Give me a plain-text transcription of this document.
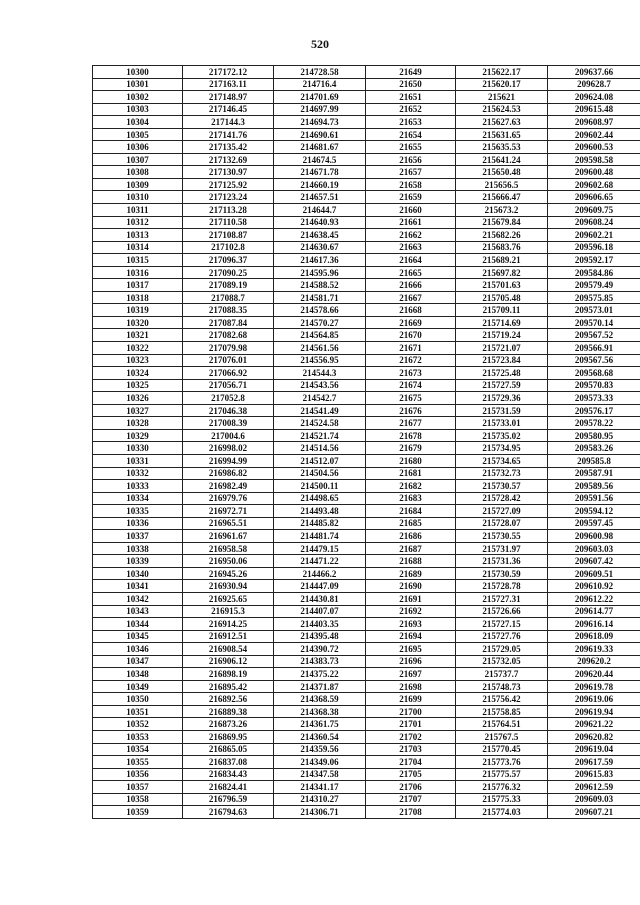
520
10300	217172.12	214728.58	21649	215622.17	209637.66
10301	217163.11	214716.4	21650	215620.17	209628.7
10302	217148.97	214701.69	21651	215621	209624.08
10303	217146.45	214697.99	21652	215624.53	209615.48
10304	217144.3	214694.73	21653	215627.63	209608.97
10305	217141.76	214690.61	21654	215631.65	209602.44
10306	217135.42	214681.67	21655	215635.53	209600.53
10307	217132.69	214674.5	21656	215641.24	209598.58
10308	217130.97	214671.78	21657	215650.48	209600.48
10309	217125.92	214660.19	21658	215656.5	209602.68
10310	217123.24	214657.51	21659	215666.47	209606.65
10311	217113.28	214644.7	21660	215673.2	209609.75
10312	217110.58	214640.93	21661	215679.84	209608.24
10313	217108.87	214638.45	21662	215682.26	209602.21
10314	217102.8	214630.67	21663	215683.76	209596.18
10315	217096.37	214617.36	21664	215689.21	209592.17
10316	217090.25	214595.96	21665	215697.82	209584.86
10317	217089.19	214588.52	21666	215701.63	209579.49
10318	217088.7	214581.71	21667	215705.48	209575.85
10319	217088.35	214578.66	21668	215709.11	209573.01
10320	217087.84	214570.27	21669	215714.69	209570.14
10321	217082.68	214564.85	21670	215719.24	209567.52
10322	217079.98	214561.56	21671	215721.07	209566.91
10323	217076.01	214556.95	21672	215723.84	209567.56
10324	217066.92	214544.3	21673	215725.48	209568.68
10325	217056.71	214543.56	21674	215727.59	209570.83
10326	217052.8	214542.7	21675	215729.36	209573.33
10327	217046.38	214541.49	21676	215731.59	209576.17
10328	217008.39	214524.58	21677	215733.01	209578.22
10329	217004.6	214521.74	21678	215735.02	209580.95
10330	216998.02	214514.56	21679	215734.95	209583.26
10331	216994.99	214512.07	21680	215734.65	209585.8
10332	216986.82	214504.56	21681	215732.73	209587.91
10333	216982.49	214500.11	21682	215730.57	209589.56
10334	216979.76	214498.65	21683	215728.42	209591.56
10335	216972.71	214493.48	21684	215727.09	209594.12
10336	216965.51	214485.82	21685	215728.07	209597.45
10337	216961.67	214481.74	21686	215730.55	209600.98
10338	216958.58	214479.15	21687	215731.97	209603.03
10339	216950.06	214471.22	21688	215731.36	209607.42
10340	216945.26	214466.2	21689	215730.59	209609.51
10341	216930.94	214447.09	21690	215728.78	209610.92
10342	216925.65	214430.81	21691	215727.31	209612.22
10343	216915.3	214407.07	21692	215726.66	209614.77
10344	216914.25	214403.35	21693	215727.15	209616.14
10345	216912.51	214395.48	21694	215727.76	209618.09
10346	216908.54	214390.72	21695	215729.05	209619.33
10347	216906.12	214383.73	21696	215732.05	209620.2
10348	216898.19	214375.22	21697	215737.7	209620.44
10349	216895.42	214371.87	21698	215748.73	209619.78
10350	216892.56	214368.59	21699	215756.42	209619.06
10351	216889.38	214368.38	21700	215758.85	209619.94
10352	216873.26	214361.75	21701	215764.51	209621.22
10353	216869.95	214360.54	21702	215767.5	209620.82
10354	216865.05	214359.56	21703	215770.45	209619.04
10355	216837.08	214349.06	21704	215773.76	209617.59
10356	216834.43	214347.58	21705	215775.57	209615.83
10357	216824.41	214341.17	21706	215776.32	209612.59
10358	216796.59	214310.27	21707	215775.33	209609.03
10359	216794.63	214306.71	21708	215774.03	209607.21
